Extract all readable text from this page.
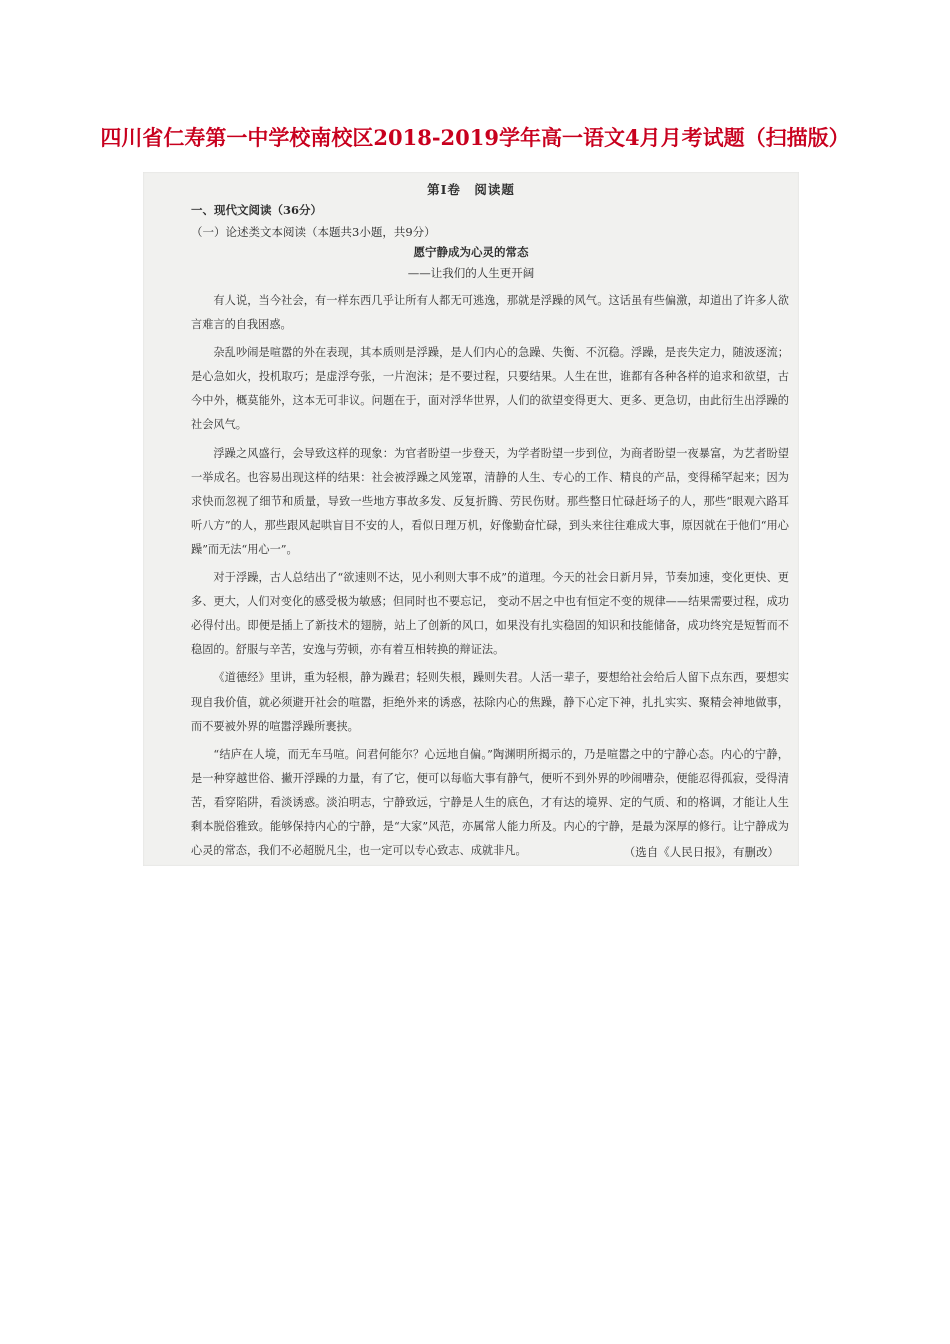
四川省仁寿第一中学校南校区2018-2019学年高一语文4月月考试题（扫描版）
第Ⅰ卷　阅读题
一、现代文阅读（36分）
（一）论述类文本阅读（本题共3小题，共9分）
愿宁静成为心灵的常态
——让我们的人生更开阔

有人说，当今社会，有一样东西几乎让所有人都无可逃逸，那就是浮躁的风气。这话虽有些偏激，却道出了许多人欲言难言的自我困惑。

杂乱吵闹是喧嚣的外在表现，其本质则是浮躁，是人们内心的急躁、失衡、不沉稳。浮躁，是丧失定力，随波逐流；是心急如火，投机取巧；是虚浮夸张，一片泡沫；是不要过程，只要结果。人生在世，谁都有各种各样的追求和欲望，古今中外，概莫能外，这本无可非议。问题在于，面对浮华世界，人们的欲望变得更大、更多、更急切，由此衍生出浮躁的社会风气。

浮躁之风盛行，会导致这样的现象：为官者盼望一步登天，为学者盼望一步到位，为商者盼望一夜暴富，为艺者盼望一举成名。也容易出现这样的结果：社会被浮躁之风笼罩，清静的人生、专心的工作、精良的产品，变得稀罕起来；因为求快而忽视了细节和质量，导致一些地方事故多发、反复折腾、劳民伤财。那些整日忙碌赶场子的人，那些“眼观六路耳听八方”的人，那些跟风起哄盲目不安的人，看似日理万机，好像勤奋忙碌，到头来往往难成大事，原因就在于他们“用心躁”而无法“用心一”。

对于浮躁，古人总结出了“欲速则不达，见小利则大事不成”的道理。今天的社会日新月异，节奏加速，变化更快、更多、更大，人们对变化的感受极为敏感；但同时也不要忘记， 变动不居之中也有恒定不变的规律——结果需要过程，成功必得付出。即便是插上了新技术的翅膀，站上了创新的风口，如果没有扎实稳固的知识和技能储备，成功终究是短暂而不稳固的。舒服与辛苦，安逸与劳顿，亦有着互相转换的辩证法。

《道德经》里讲，重为轻根，静为躁君；轻则失根，躁则失君。人活一辈子，要想给社会给后人留下点东西，要想实现自我价值，就必须避开社会的喧嚣，拒绝外来的诱惑，祛除内心的焦躁，静下心定下神，扎扎实实、聚精会神地做事，而不要被外界的喧嚣浮躁所裹挟。

“结庐在人境，而无车马喧。问君何能尔？心远地自偏。”陶渊明所揭示的，乃是喧嚣之中的宁静心态。内心的宁静，是一种穿越世俗、撇开浮躁的力量，有了它，便可以每临大事有静气，便听不到外界的吵闹嘈杂，便能忍得孤寂，受得清苦，看穿陷阱，看淡诱惑。淡泊明志，宁静致远，宁静是人生的底色，才有达的境界、定的气质、和的格调，才能让人生剩本脱俗雅致。能够保持内心的宁静，是“大家”风范，亦属常人能力所及。内心的宁静，是最为深厚的修行。让宁静成为心灵的常态，我们不必超脱凡尘，也一定可以专心致志、成就非凡。	（选自《人民日报》，有删改）
